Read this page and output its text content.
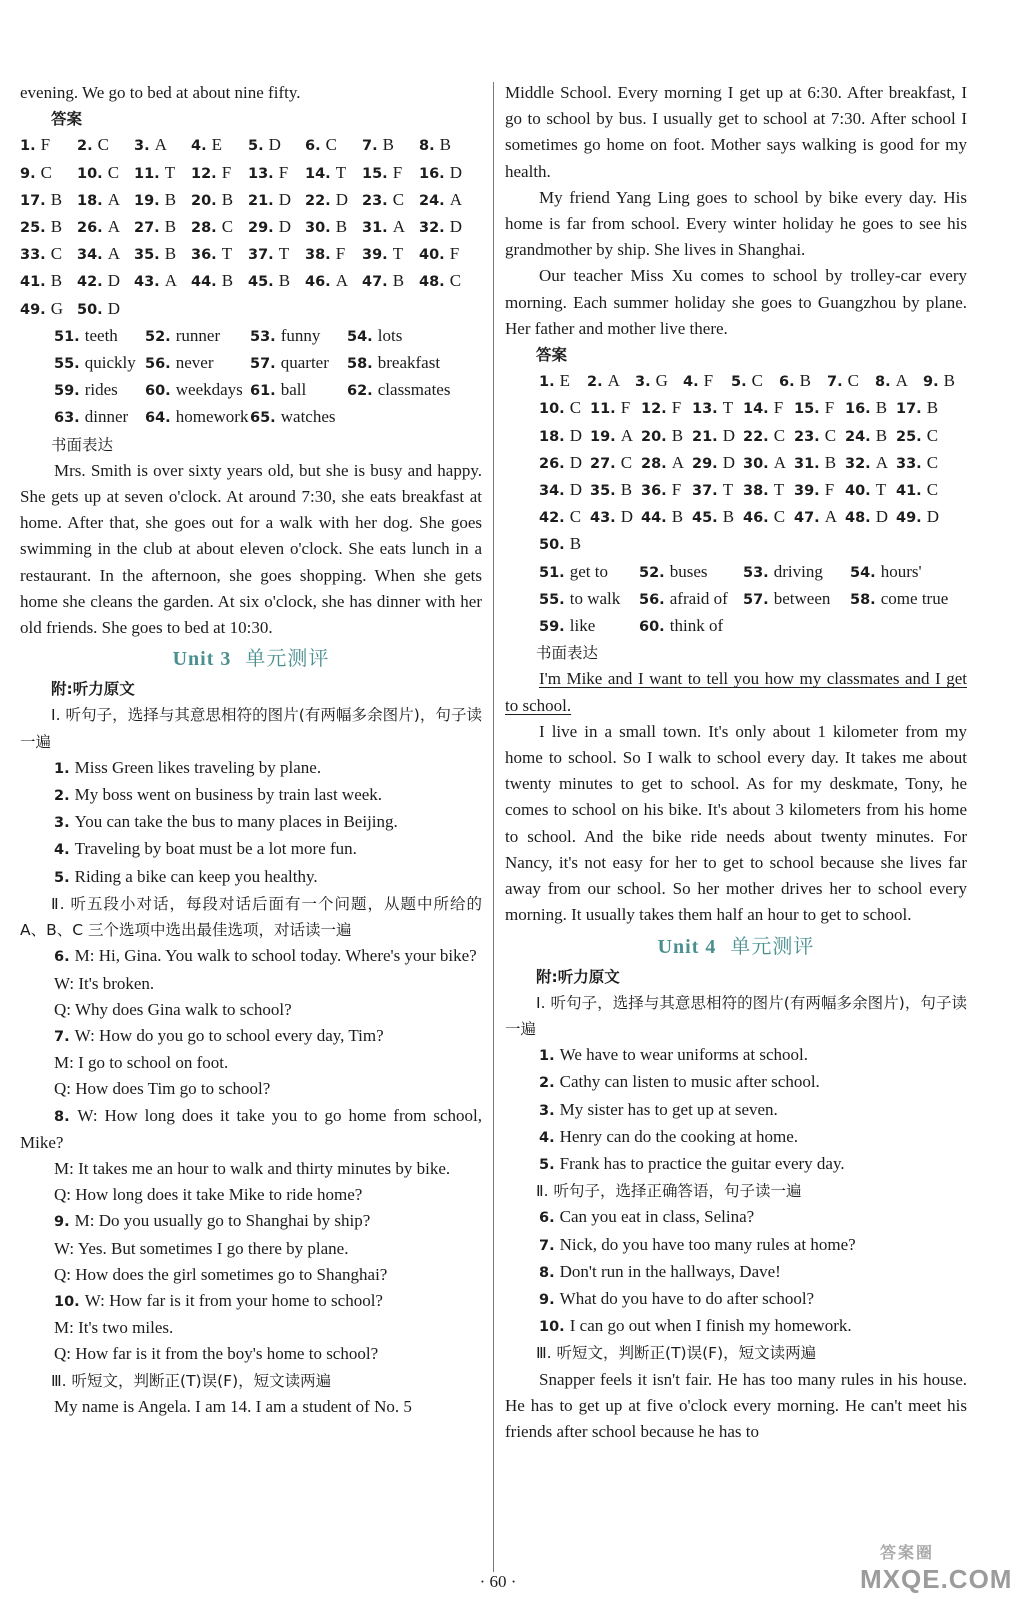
evening. We go to bed at about nine fifty.

答案
1. F	2. C	3. A	4. E	5. D	6. C	7. B	8. B
9. C	10. C	11. T	12. F	13. F	14. T	15. F	16. D
17. B	18. A 19. B	20. B	21. D 22. D 23. C	24. A
25. B	26. A 27. B	28. C	29. D 30. B	31. A 32. D
33. C	34. A 35. B	36. T	37. T	38. F	39. T	40. F
41. B	42. D 43. A 44. B	45. B	46. A 47. B	48. C
49. G 50. D
51. teeth	52. runner	53. funny	54. lots
55. quickly 56. never	57. quarter	58. breakfast
59. rides	60. weekdays 61. ball	62. classmates
63. dinner	64. homework 65. watches
书面表达

Mrs. Smith is over sixty years old, but she is busy and happy. She gets up at seven o'clock. At around 7:30, she eats breakfast at home. After that, she goes out for a walk with her dog. She goes swimming in the club at about eleven o'clock. She eats lunch in a restaurant. In the afternoon, she goes shopping. When she gets home she cleans the garden. At six o'clock, she has dinner with her old friends. She goes to bed at 10:30.

Unit 3 单元测评
附:听力原文

Ⅰ. 听句子，选择与其意思相符的图片(有两幅多余图片)，句子读一遍

1. Miss Green likes traveling by plane.

2. My boss went on business by train last week.

3. You can take the bus to many places in Beijing.

4. Traveling by boat must be a lot more fun.

5. Riding a bike can keep you healthy.

Ⅱ. 听五段小对话，每段对话后面有一个问题，从题中所给的 A、B、C 三个选项中选出最佳选项，对话读一遍

6. M: Hi, Gina. You walk to school today. Where's your bike?

W: It's broken.

Q: Why does Gina walk to school?

7. W: How do you go to school every day, Tim?

M: I go to school on foot.

Q: How does Tim go to school?

8. W: How long does it take you to go home from school, Mike?

M: It takes me an hour to walk and thirty minutes by bike.

Q: How long does it take Mike to ride home?

9. M: Do you usually go to Shanghai by ship?

W: Yes. But sometimes I go there by plane.

Q: How does the girl sometimes go to Shanghai?

10. W: How far is it from your home to school?

M: It's two miles.

Q: How far is it from the boy's home to school?

Ⅲ. 听短文，判断正(T)误(F)，短文读两遍

My name is Angela. I am 14. I am a student of No. 5

Middle School. Every morning I get up at 6:30. After breakfast, I go to school by bus. I usually get to school at 7:30. After school I sometimes go home on foot. Mother says walking is good for my health.

My friend Yang Ling goes to school by bike every day. His home is far from school. Every winter holiday he goes to see his grandmother by ship. She lives in Shanghai.

Our teacher Miss Xu comes to school by trolley-car every morning. Each summer holiday she goes to Guangzhou by plane. Her father and mother live there.

答案
1. E	2. A	3. G	4. F	5. C	6. B	7. C	8. A	9. B
10. C 11. F 12. F 13. T 14. F 15. F 16. B 17. B
18. D 19. A 20. B 21. D 22. C 23. C 24. B 25. C
26. D 27. C 28. A 29. D 30. A 31. B 32. A 33. C
34. D 35. B 36. F 37. T 38. T 39. F 40. T 41. C
42. C 43. D 44. B 45. B 46. C 47. A 48. D 49. D
50. B
51. get to	52. buses	53. driving	54. hours'
55. to walk	56. afraid of	57. between	58. come true
59. like	60. think of
书面表达

I'm Mike and I want to tell you how my classmates and I get to school.

I live in a small town. It's only about 1 kilometer from my home to school. So I walk to school every day. It takes me about twenty minutes to get to school. As for my deskmate, Tony, he comes to school on his bike. It's about 3 kilometers from his home to school. And the bike ride needs about twenty minutes. For Nancy, it's not easy for her to get to school because she lives far away from our school. So her mother drives her to school every morning. It usually takes them half an hour to get to school.

Unit 4 单元测评
附:听力原文

Ⅰ. 听句子，选择与其意思相符的图片(有两幅多余图片)，句子读一遍

1. We have to wear uniforms at school.

2. Cathy can listen to music after school.

3. My sister has to get up at seven.

4. Henry can do the cooking at home.

5. Frank has to practice the guitar every day.

Ⅱ. 听句子，选择正确答语，句子读一遍

6. Can you eat in class, Selina?

7. Nick, do you have too many rules at home?

8. Don't run in the hallways, Dave!

9. What do you have to do after school?

10. I can go out when I finish my homework.

Ⅲ. 听短文，判断正(T)误(F)，短文读两遍

Snapper feels it isn't fair. He has too many rules in his house. He has to get up at five o'clock every morning. He can't meet his friends after school because he has to

· 60 ·
答案圈
MXQE.COM
